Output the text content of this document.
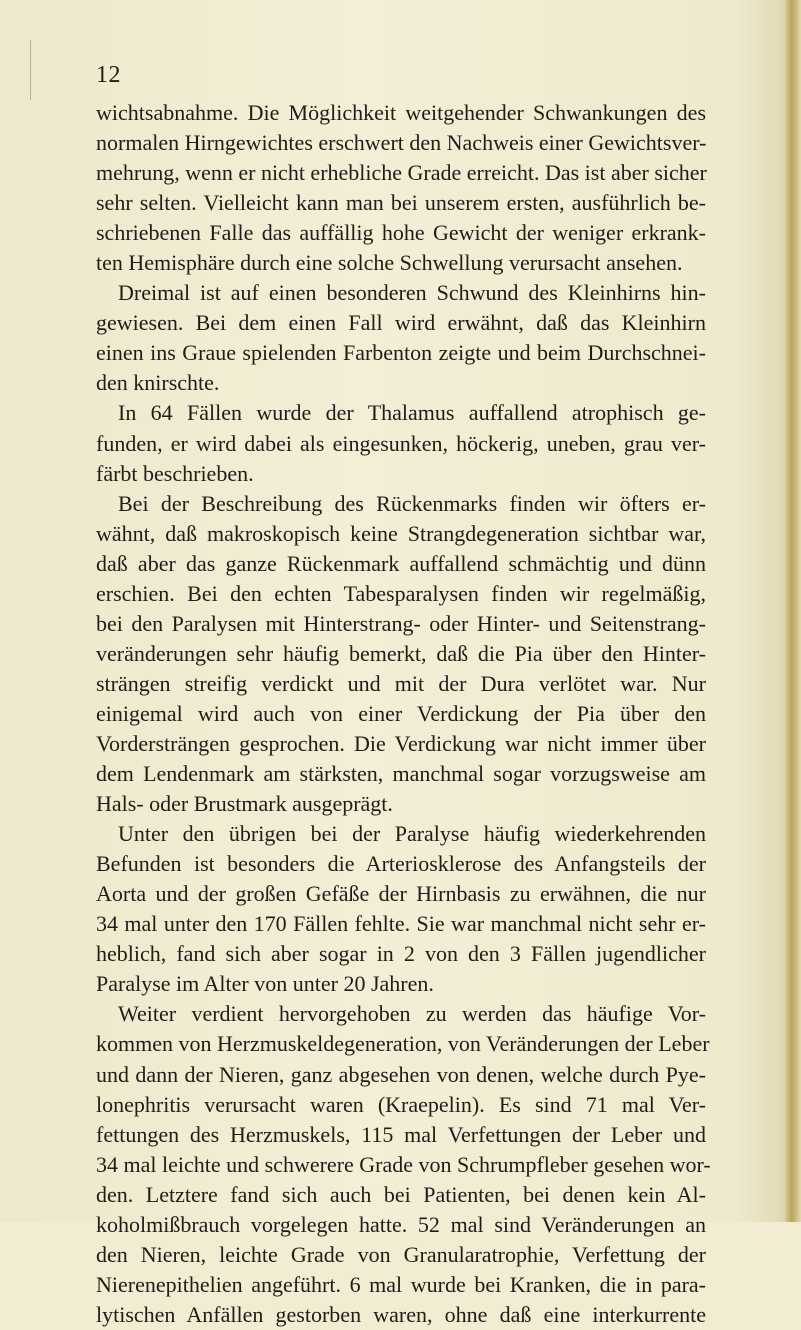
12
wichtsabnahme. Die Möglichkeit weitgehender Schwankungen des
normalen Hirngewichtes erschwert den Nachweis einer Gewichtsver-
mehrung, wenn er nicht erhebliche Grade erreicht. Das ist aber sicher
sehr selten. Vielleicht kann man bei unserem ersten, ausführlich be-
schriebenen Falle das auffällig hohe Gewicht der weniger erkrank-
ten Hemisphäre durch eine solche Schwellung verursacht ansehen.
Dreimal ist auf einen besonderen Schwund des Kleinhirns hin-
gewiesen. Bei dem einen Fall wird erwähnt, daß das Kleinhirn
einen ins Graue spielenden Farbenton zeigte und beim Durchschnei-
den knirschte.
In 64 Fällen wurde der Thalamus auffallend atrophisch ge-
funden, er wird dabei als eingesunken, höckerig, uneben, grau ver-
färbt beschrieben.
Bei der Beschreibung des Rückenmarks finden wir öfters er-
wähnt, daß makroskopisch keine Strangdegeneration sichtbar war,
daß aber das ganze Rückenmark auffallend schmächtig und dünn
erschien. Bei den echten Tabesparalysen finden wir regelmäßig,
bei den Paralysen mit Hinterstrang- oder Hinter- und Seitenstrang-
veränderungen sehr häufig bemerkt, daß die Pia über den Hinter-
strängen streifig verdickt und mit der Dura verlötet war. Nur
einigemal wird auch von einer Verdickung der Pia über den
Vordersträngen gesprochen. Die Verdickung war nicht immer über
dem Lendenmark am stärksten, manchmal sogar vorzugsweise am
Hals- oder Brustmark ausgeprägt.
Unter den übrigen bei der Paralyse häufig wiederkehrenden
Befunden ist besonders die Arteriosklerose des Anfangsteils der
Aorta und der großen Gefäße der Hirnbasis zu erwähnen, die nur
34 mal unter den 170 Fällen fehlte. Sie war manchmal nicht sehr er-
heblich, fand sich aber sogar in 2 von den 3 Fällen jugendlicher
Paralyse im Alter von unter 20 Jahren.
Weiter verdient hervorgehoben zu werden das häufige Vor-
kommen von Herzmuskeldegeneration, von Veränderungen der Leber
und dann der Nieren, ganz abgesehen von denen, welche durch Pye-
lonephritis verursacht waren (Kraepelin). Es sind 71 mal Ver-
fettungen des Herzmuskels, 115 mal Verfettungen der Leber und
34 mal leichte und schwerere Grade von Schrumpfleber gesehen wor-
den. Letztere fand sich auch bei Patienten, bei denen kein Al-
koholmißbrauch vorgelegen hatte. 52 mal sind Veränderungen an
den Nieren, leichte Grade von Granularatrophie, Verfettung der
Nierenepithelien angeführt. 6 mal wurde bei Kranken, die in para-
lytischen Anfällen gestorben waren, ohne daß eine interkurrente
